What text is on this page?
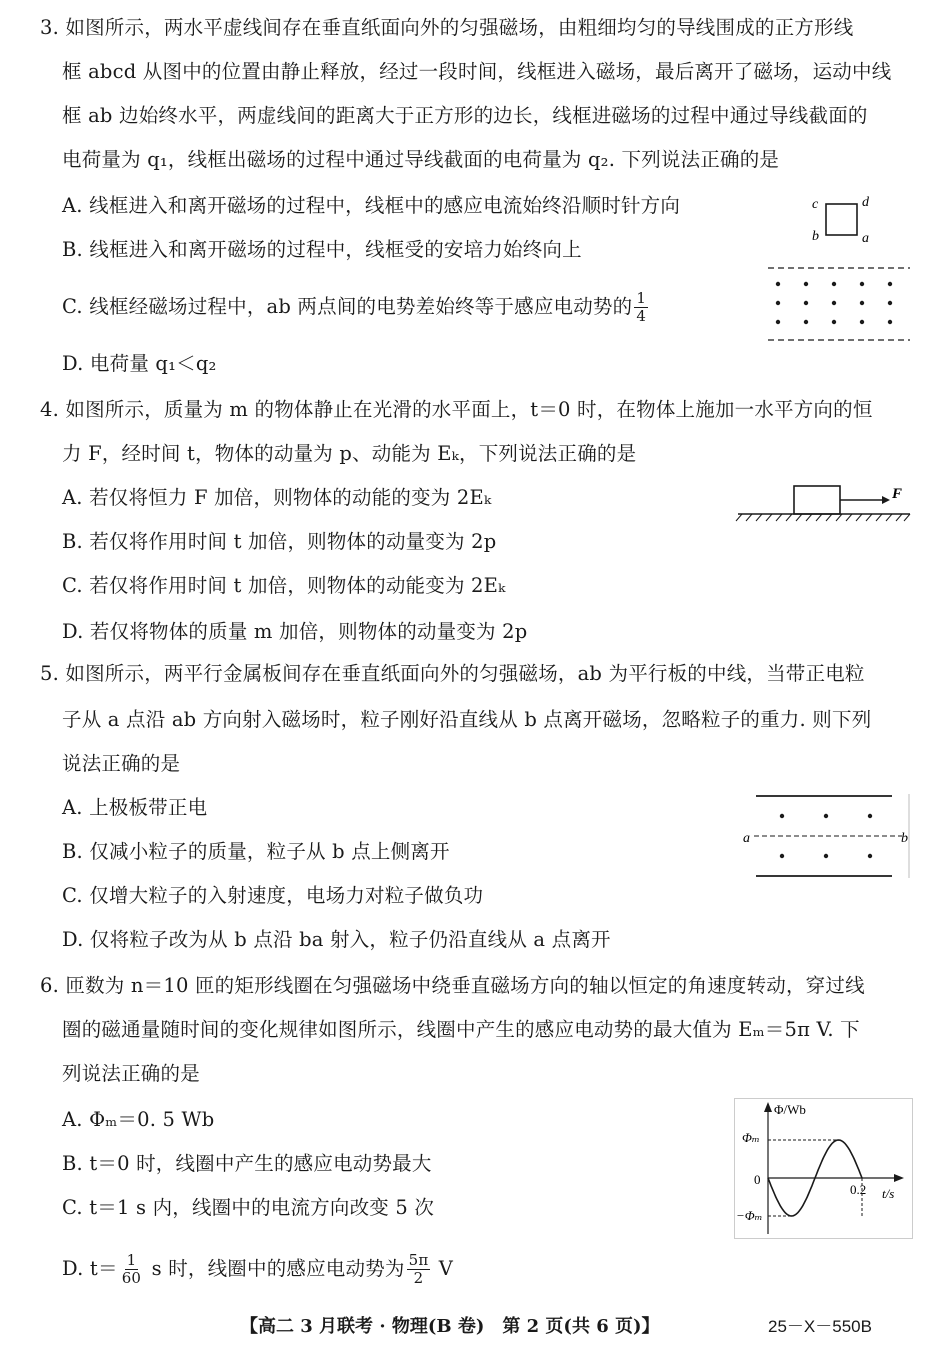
3. 如图所示，两水平虚线间存在垂直纸面向外的匀强磁场，由粗细均匀的导线围成的正方形线
框 abcd 从图中的位置由静止释放，经过一段时间，线框进入磁场，最后离开了磁场，运动中线
框 ab 边始终水平，两虚线间的距离大于正方形的边长，线框进磁场的过程中通过导线截面的
电荷量为 q₁，线框出磁场的过程中通过导线截面的电荷量为 q₂. 下列说法正确的是
A. 线框进入和离开磁场的过程中，线框中的感应电流始终沿顺时针方向
B. 线框进入和离开磁场的过程中，线框受的安培力始终向上
C. 线框经磁场过程中，ab 两点间的电势差始终等于感应电动势的 $\frac{1}{4}$
D. 电荷量 q₁＜q₂
c	d
b	a
4. 如图所示，质量为 m 的物体静止在光滑的水平面上，t＝0 时，在物体上施加一水平方向的恒
力 F，经时间 t，物体的动量为 p、动能为 Eₖ，下列说法正确的是
A. 若仅将恒力 F 加倍，则物体的动能的变为 2Eₖ
B. 若仅将作用时间 t 加倍，则物体的动量变为 2p
C. 若仅将作用时间 t 加倍，则物体的动能变为 2Eₖ
D. 若仅将物体的质量 m 加倍，则物体的动量变为 2p
F
5. 如图所示，两平行金属板间存在垂直纸面向外的匀强磁场，ab 为平行板的中线，当带正电粒
子从 a 点沿 ab 方向射入磁场时，粒子刚好沿直线从 b 点离开磁场，忽略粒子的重力. 则下列
说法正确的是
A. 上极板带正电
B. 仅减小粒子的质量，粒子从 b 点上侧离开
C. 仅增大粒子的入射速度，电场力对粒子做负功
D. 仅将粒子改为从 b 点沿 ba 射入，粒子仍沿直线从 a 点离开
a	b
6. 匝数为 n＝10 匝的矩形线圈在匀强磁场中绕垂直磁场方向的轴以恒定的角速度转动，穿过线
圈的磁通量随时间的变化规律如图所示，线圈中产生的感应电动势的最大值为 Eₘ＝5π V. 下
列说法正确的是
A. Φₘ＝0. 5 Wb
B. t＝0 时，线圈中产生的感应电动势最大
C. t＝1 s 内，线圈中的电流方向改变 5 次
D. $t= \frac{1}{60}$ s 时，线圈中的感应电动势为 $\frac{5\pi}{2}$ V
Φ/Wb
t/s
0
Φₘ
−Φₘ
0.2
【高二 3 月联考 · 物理(B 卷)　第 2 页(共 6 页)】	25－X－550B
